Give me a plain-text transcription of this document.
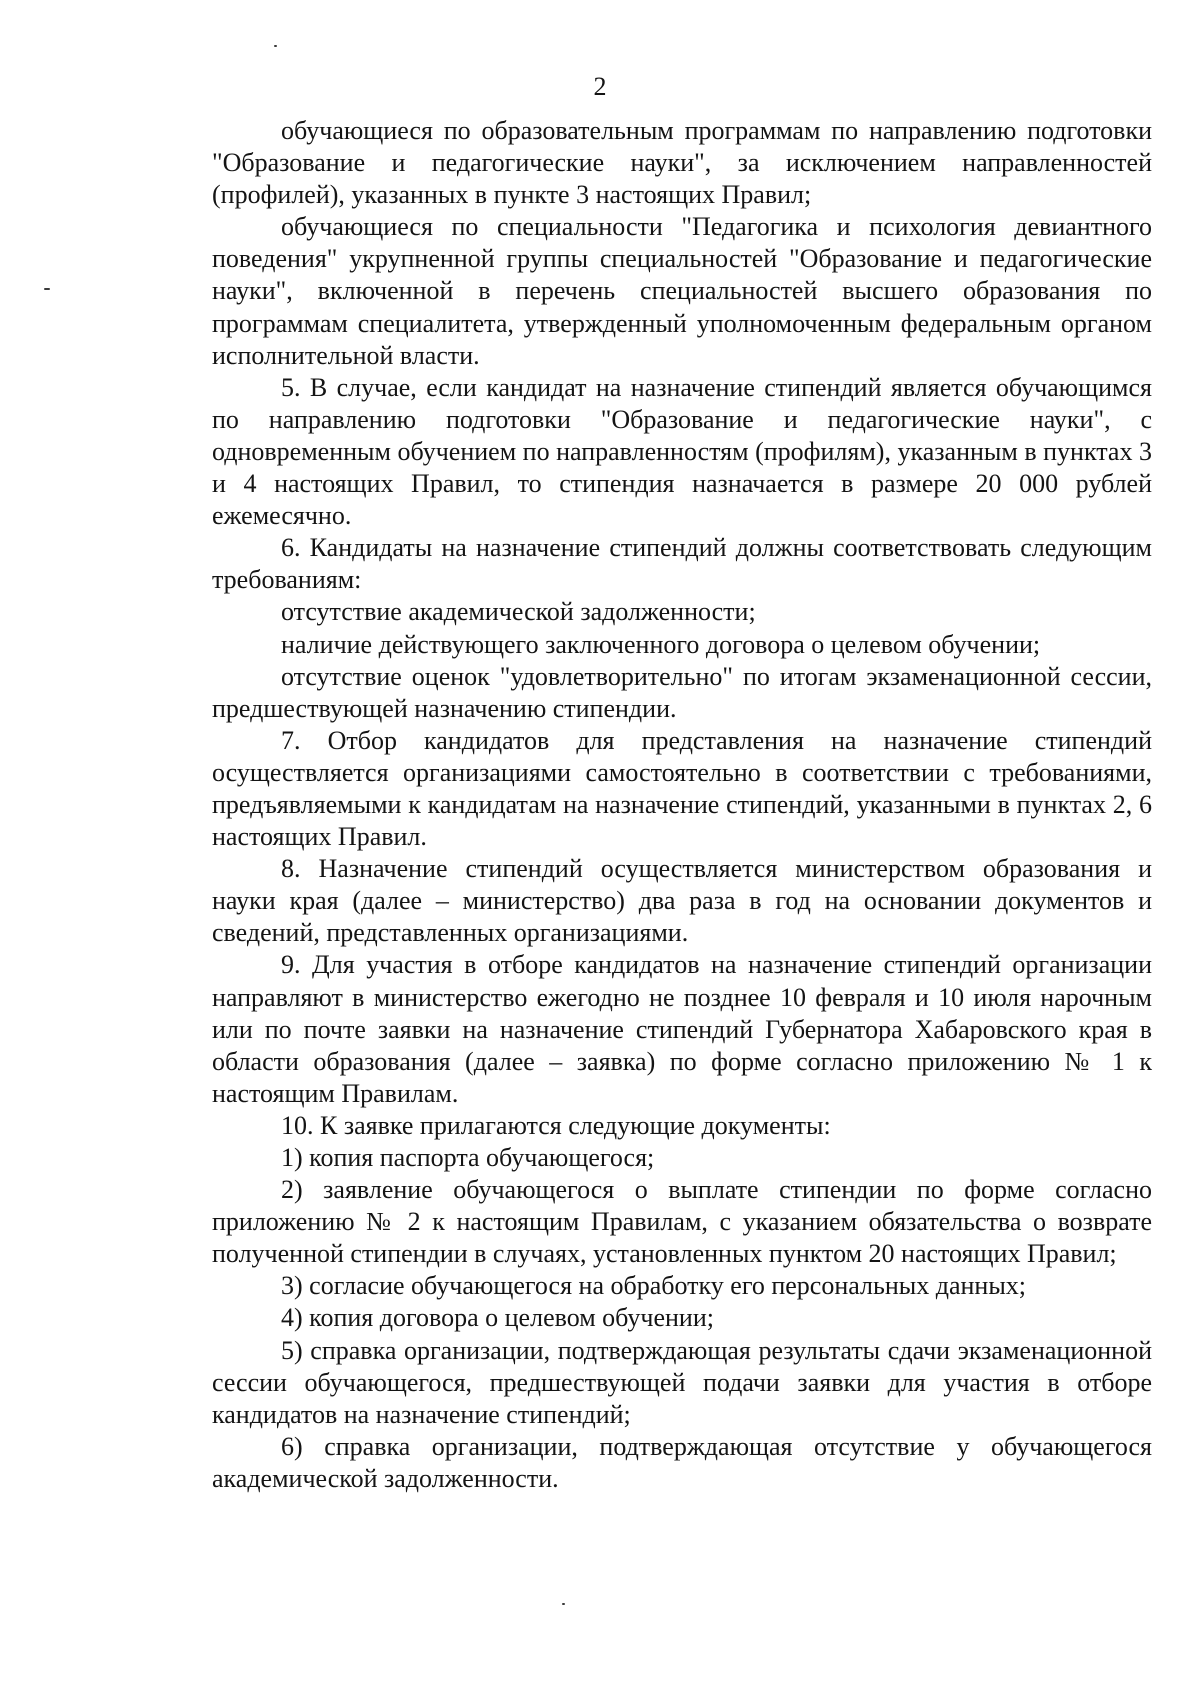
2

обучающиеся по образовательным программам по направлению подготовки "Образование и педагогические науки", за исключением направленностей (профилей), указанных в пункте 3 настоящих Правил;

обучающиеся по специальности "Педагогика и психология девиантного поведения" укрупненной группы специальностей "Образование и педагогические науки", включенной в перечень специальностей высшего образования по программам специалитета, утвержденный уполномоченным федеральным органом исполнительной власти.

5. В случае, если кандидат на назначение стипендий является обучающимся по направлению подготовки "Образование и педагогические науки", с одновременным обучением по направленностям (профилям), указанным в пунктах 3 и 4 настоящих Правил, то стипендия назначается в размере 20 000 рублей ежемесячно.

6. Кандидаты на назначение стипендий должны соответствовать следующим требованиям:

отсутствие академической задолженности;

наличие действующего заключенного договора о целевом обучении;

отсутствие оценок "удовлетворительно" по итогам экзаменационной сессии, предшествующей назначению стипендии.

7. Отбор кандидатов для представления на назначение стипендий осуществляется организациями самостоятельно в соответствии с требованиями, предъявляемыми к кандидатам на назначение стипендий, указанными в пунктах 2, 6 настоящих Правил.

8. Назначение стипендий осуществляется министерством образования и науки края (далее – министерство) два раза в год на основании документов и сведений, представленных организациями.

9. Для участия в отборе кандидатов на назначение стипендий организации направляют в министерство ежегодно не позднее 10 февраля и 10 июля нарочным или по почте заявки на назначение стипендий Губернатора Хабаровского края в области образования (далее – заявка) по форме согласно приложению № 1 к настоящим Правилам.

10. К заявке прилагаются следующие документы:

1) копия паспорта обучающегося;

2) заявление обучающегося о выплате стипендии по форме согласно приложению № 2 к настоящим Правилам, с указанием обязательства о возврате полученной стипендии в случаях, установленных пунктом 20 настоящих Правил;

3) согласие обучающегося на обработку его персональных данных;

4) копия договора о целевом обучении;

5) справка организации, подтверждающая результаты сдачи экзаменационной сессии обучающегося, предшествующей подачи заявки для участия в отборе кандидатов на назначение стипендий;

6) справка организации, подтверждающая отсутствие у обучающегося академической задолженности.
